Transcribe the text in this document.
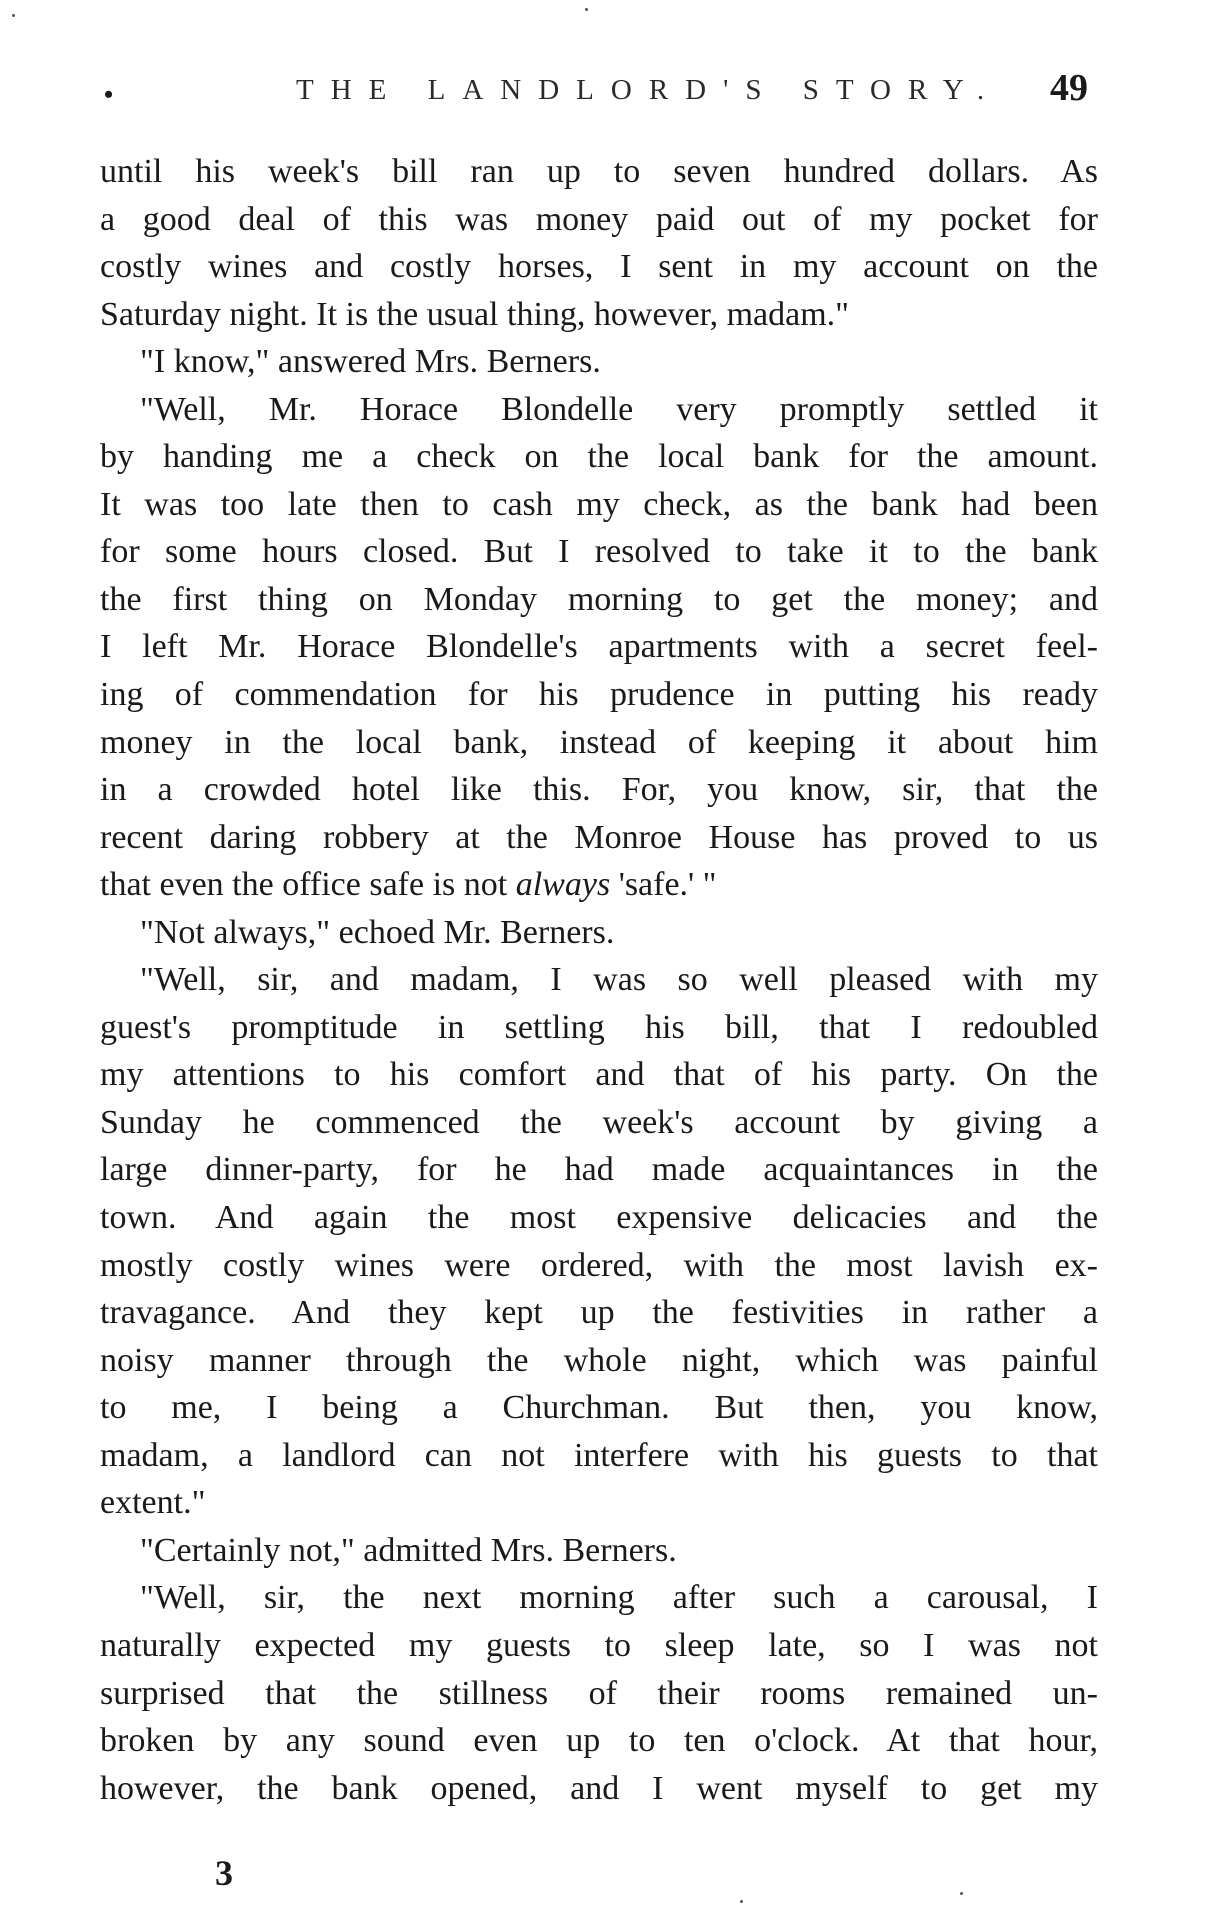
•	THE LANDLORD'S STORY. 49
until his week's bill ran up to seven hundred dollars. As
a good deal of this was money paid out of my pocket for
costly wines and costly horses, I sent in my account on the
Saturday night. It is the usual thing, however, madam."
"I know," answered Mrs. Berners.
"Well, Mr. Horace Blondelle very promptly settled it
by handing me a check on the local bank for the amount.
It was too late then to cash my check, as the bank had been
for some hours closed. But I resolved to take it to the bank
the first thing on Monday morning to get the money; and
I left Mr. Horace Blondelle's apartments with a secret feel-
ing of commendation for his prudence in putting his ready
money in the local bank, instead of keeping it about him
in a crowded hotel like this. For, you know, sir, that the
recent daring robbery at the Monroe House has proved to us
that even the office safe is not always 'safe.' "
"Not always," echoed Mr. Berners.
"Well, sir, and madam, I was so well pleased with my
guest's promptitude in settling his bill, that I redoubled
my attentions to his comfort and that of his party. On the
Sunday he commenced the week's account by giving a
large dinner-party, for he had made acquaintances in the
town. And again the most expensive delicacies and the
mostly costly wines were ordered, with the most lavish ex-
travagance. And they kept up the festivities in rather a
noisy manner through the whole night, which was painful
to me, I being a Churchman. But then, you know,
madam, a landlord can not interfere with his guests to that
extent."
"Certainly not," admitted Mrs. Berners.
"Well, sir, the next morning after such a carousal, I
naturally expected my guests to sleep late, so I was not
surprised that the stillness of their rooms remained un-
broken by any sound even up to ten o'clock. At that hour,
however, the bank opened, and I went myself to get my
3
